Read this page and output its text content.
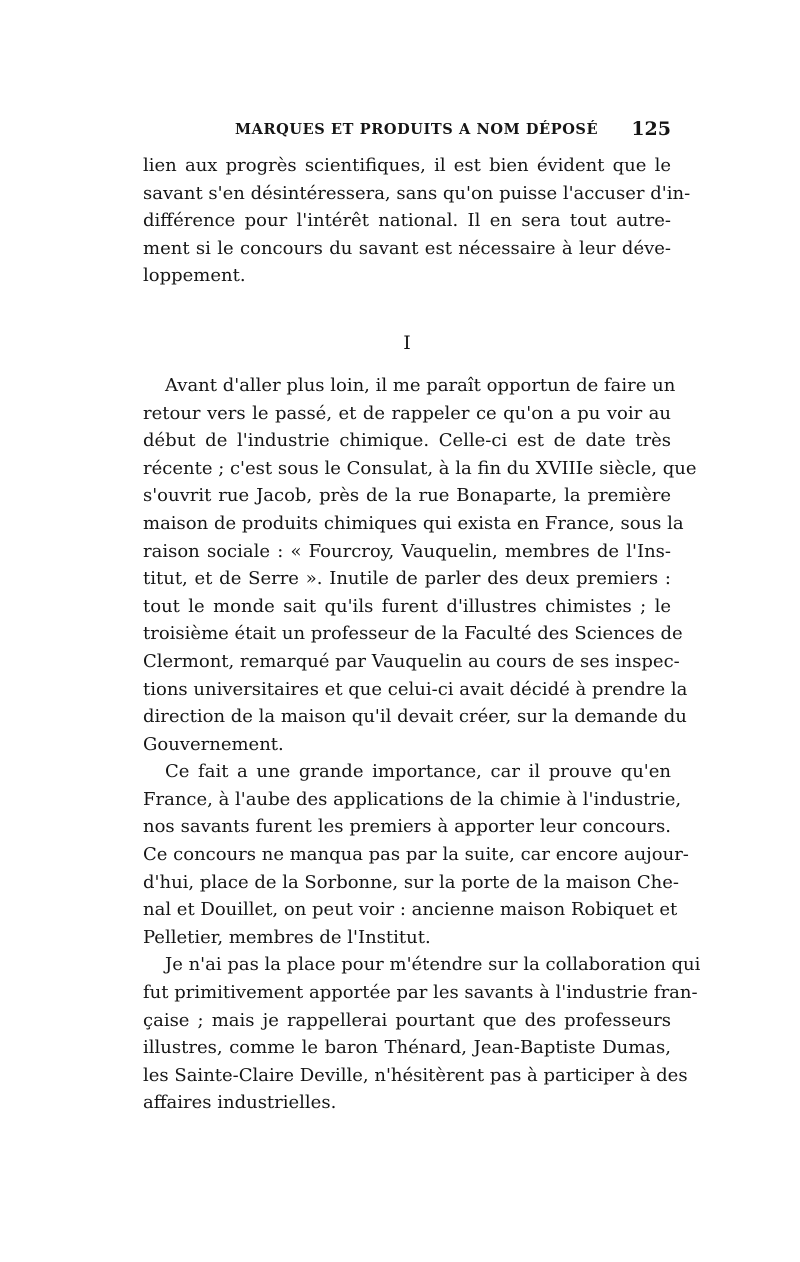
MARQUES ET PRODUITS A NOM DÉPOSÉ 125
lien aux progrès scientifiques, il est bien évident que le
savant s'en désintéressera, sans qu'on puisse l'accuser d'in-
différence pour l'intérêt national. Il en sera tout autre-
ment si le concours du savant est nécessaire à leur déve-
loppement.
I
Avant d'aller plus loin, il me paraît opportun de faire un
retour vers le passé, et de rappeler ce qu'on a pu voir au
début de l'industrie chimique. Celle-ci est de date très
récente ; c'est sous le Consulat, à la fin du XVIIIe siècle, que
s'ouvrit rue Jacob, près de la rue Bonaparte, la première
maison de produits chimiques qui exista en France, sous la
raison sociale : « Fourcroy, Vauquelin, membres de l'Ins-
titut, et de Serre ». Inutile de parler des deux premiers :
tout le monde sait qu'ils furent d'illustres chimistes ; le
troisième était un professeur de la Faculté des Sciences de
Clermont, remarqué par Vauquelin au cours de ses inspec-
tions universitaires et que celui-ci avait décidé à prendre la
direction de la maison qu'il devait créer, sur la demande du
Gouvernement.
Ce fait a une grande importance, car il prouve qu'en
France, à l'aube des applications de la chimie à l'industrie,
nos savants furent les premiers à apporter leur concours.
Ce concours ne manqua pas par la suite, car encore aujour-
d'hui, place de la Sorbonne, sur la porte de la maison Che-
nal et Douillet, on peut voir : ancienne maison Robiquet et
Pelletier, membres de l'Institut.
Je n'ai pas la place pour m'étendre sur la collaboration qui
fut primitivement apportée par les savants à l'industrie fran-
çaise ; mais je rappellerai pourtant que des professeurs
illustres, comme le baron Thénard, Jean-Baptiste Dumas,
les Sainte-Claire Deville, n'hésitèrent pas à participer à des
affaires industrielles.
